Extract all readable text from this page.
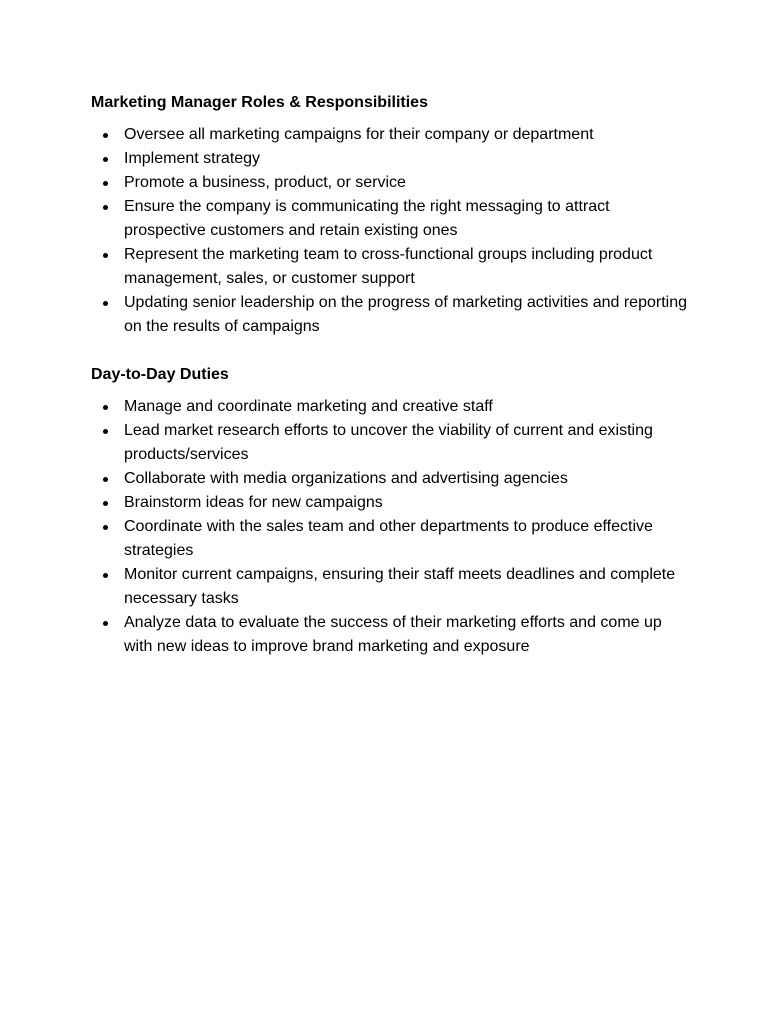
Marketing Manager Roles & Responsibilities
Oversee all marketing campaigns for their company or department
Implement strategy
Promote a business, product, or service
Ensure the company is communicating the right messaging to attract prospective customers and retain existing ones
Represent the marketing team to cross-functional groups including product management, sales, or customer support
Updating senior leadership on the progress of marketing activities and reporting on the results of campaigns
Day-to-Day Duties
Manage and coordinate marketing and creative staff
Lead market research efforts to uncover the viability of current and existing products/services
Collaborate with media organizations and advertising agencies
Brainstorm ideas for new campaigns
Coordinate with the sales team and other departments to produce effective strategies
Monitor current campaigns, ensuring their staff meets deadlines and complete necessary tasks
Analyze data to evaluate the success of their marketing efforts and come up with new ideas to improve brand marketing and exposure
